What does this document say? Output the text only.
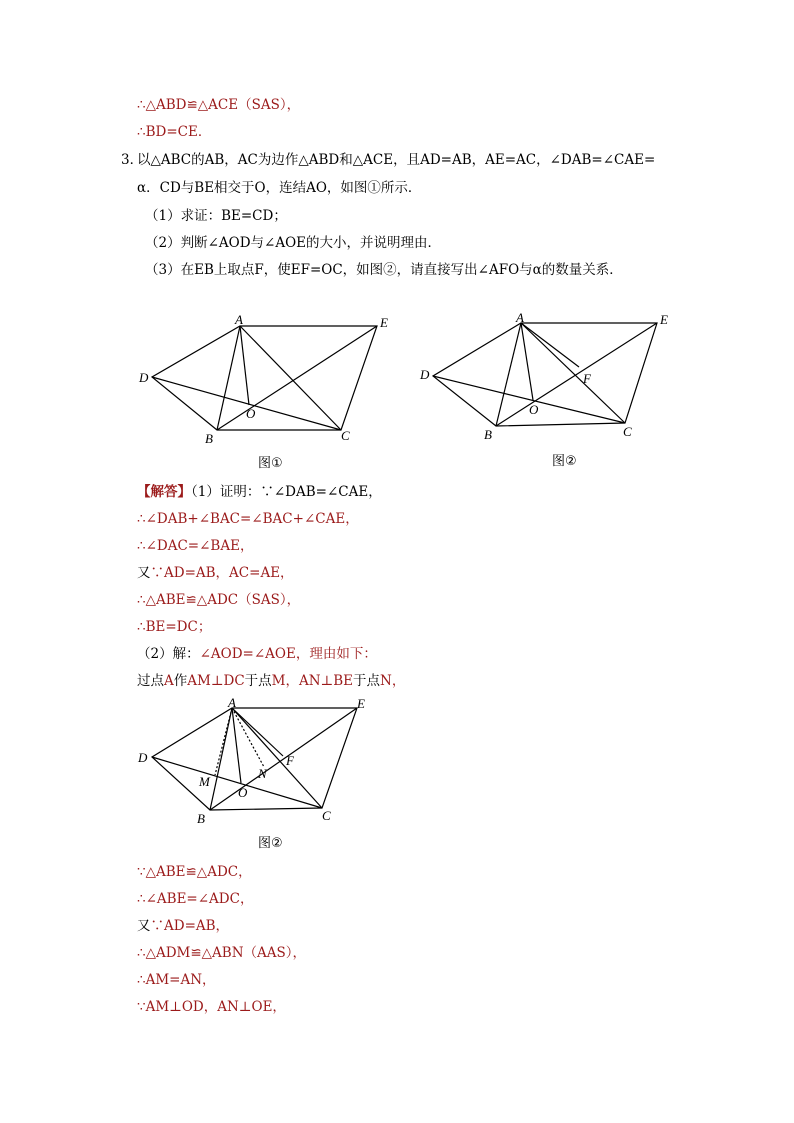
∴△ABD≌△ACE（SAS），
∴BD=CE．
3．
以△ABC的AB，AC为边作△ABD和△ACE，且AD=AB，AE=AC，∠DAB=∠CAE=
α．CD与BE相交于O，连结AO，如图①所示．
（1）求证：BE=CD；
（2）判断∠AOD与∠AOE的大小，并说明理由．
（3）在EB上取点F，使EF=OC，如图②，请直接写出∠AFO与α的数量关系．
A
B	C
D
E
O
图①
A
B	C
D
E
O
F
图②
A
B	C
D
E
O
F
M
N
图②
【解答】（1）证明：∵∠DAB=∠CAE，
∴∠DAB+∠BAC=∠BAC+∠CAE，
∴∠DAC=∠BAE，
又∵AD=AB，AC=AE，
∴△ABE≌△ADC（SAS），
∴BE=DC；
（2）解：∠AOD=∠AOE，理由如下：
过点A作AM⊥DC于点M，AN⊥BE于点N，
∵△ABE≌△ADC，
∴∠ABE=∠ADC，
又∵AD=AB，
∴△ADM≌△ABN（AAS），
∴AM=AN，
∵AM⊥OD，AN⊥OE，
